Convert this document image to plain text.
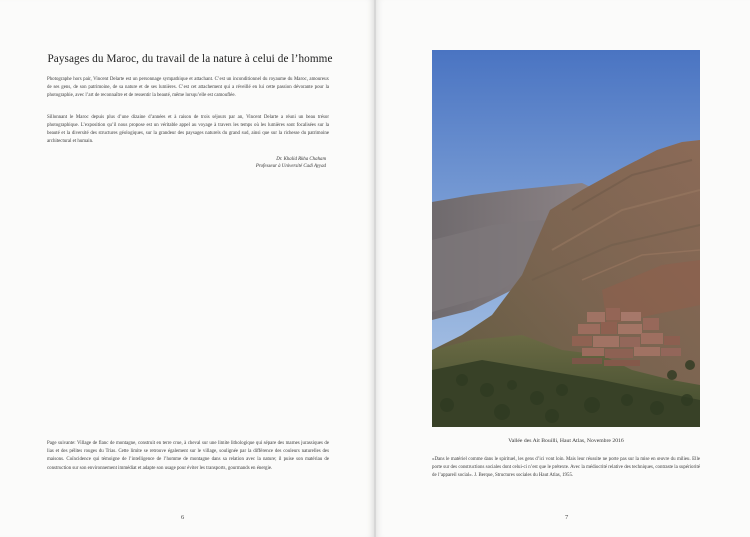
Paysages du Maroc, du travail de la nature à celui de l’homme

Photographe hors pair, Vincent Delarte est un personnage sympathique et attachant. C’est un inconditionnel du royaume du Maroc, amoureux de ses gens, de son patrimoine, de sa nature et de ses lumières. C’est cet attachement qui a réveillé en lui cette passion dévorante pour la photographie, avec l’art de reconnaître et de ressentir la beauté, même lorsqu’elle est camouflée.

Sillonnant le Maroc depuis plus d’une dizaine d’années et à raison de trois séjours par an, Vincent Delarte a réuni un beau trésor photographique. L’exposition qu’il nous propose est un véritable appel au voyage à travers les temps où les lumières sont focalisées sur la beauté et la diversité des structures géologiques, sur la grandeur des paysages naturels du grand sud, ainsi que sur la richesse du patrimoine architectural et humain.

Dr. Khalid Rkha Chaham
Professeur à Université Cadi Ayyad

Page suivante: Village de flanc de montagne, construit en terre crue, à cheval sur une limite lithologique qui sépare des marnes jurassiques de lias et des pélites rouges du Trias. Cette limite se retrouve également sur le village, soulignée par la différence des couleurs naturelles des maisons. Coïncidence qui témoigne de l’intelligence de l’homme de montagne dans sa relation avec la nature; il puise son matériau de construction sur son environnement immédiat et adapte son usage pour éviter les transports, gourmands en énergie.

6
Vallée des Ait Bouilli, Haut Atlas, Novembre 2016

«Dans le matériel comme dans le spirituel, les gens d’ici vont loin. Mais leur réussite ne porte pas sur la mise en œuvre du milieu. Elle porte sur des constructions sociales dont celui-ci n’est que le prétexte. Avec la médiocrité relative des techniques, contraste la supériorité de l’appareil social». J. Berque, Structures sociales du Haut Atlas, 1955.

7
